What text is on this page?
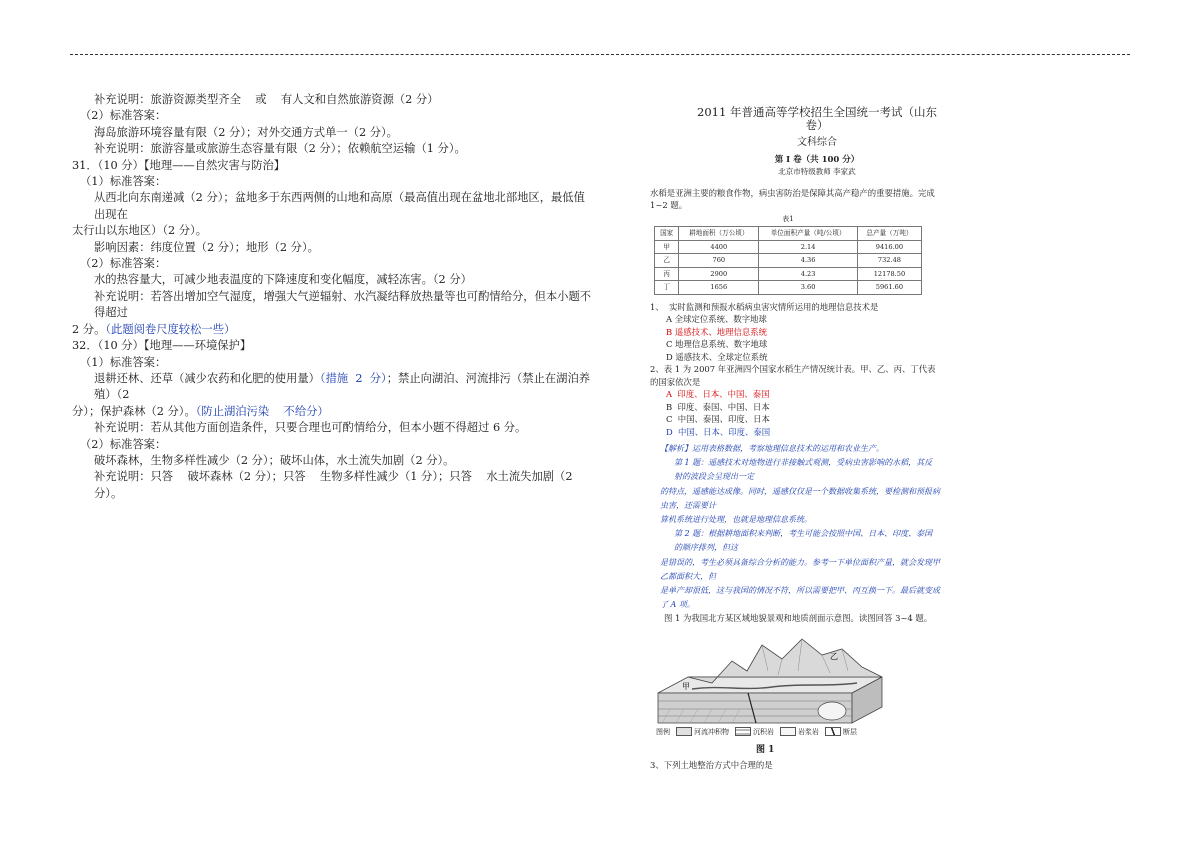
补充说明：旅游资源类型齐全    或    有人文和自然旅游资源（2 分）
（2）标准答案：
海岛旅游环境容量有限（2 分）；对外交通方式单一（2 分）。
补充说明：旅游容量或旅游生态容量有限（2 分）；依赖航空运输（1 分）。
31．（10 分）【地理——自然灾害与防治】
（1）标准答案：
从西北向东南递减（2 分）；盆地多于东西两侧的山地和高原（最高值出现在盆地北部地区，最低值出现在
太行山以东地区）（2 分）。
影响因素：纬度位置（2 分）；地形（2 分）。
（2）标准答案：
水的热容量大，可减少地表温度的下降速度和变化幅度，减轻冻害。（2 分）
补充说明：若答出增加空气湿度，增强大气逆辐射、水汽凝结释放热量等也可酌情给分，但本小题不得超过
2 分。（此题阅卷尺度较松一些）
32．（10 分）【地理——环境保护】
（1）标准答案：
退耕还林、还草（减少农药和化肥的使用量）（措施  2  分）；禁止向湖泊、河流排污（禁止在湖泊养殖）（2
分）；保护森林（2 分）。（防止湖泊污染    不给分）
补充说明：若从其他方面创造条件，只要合理也可酌情给分，但本小题不得超过 6 分。
（2）标准答案：
破坏森林，生物多样性减少（2 分）；破坏山体，水土流失加剧（2 分）。
补充说明：只答    破坏森林（2 分）；只答    生物多样性减少（1 分）；只答    水土流失加剧（2 分）。
2011 年普通高等学校招生全国统一考试（山东卷）
文科综合
第 I 卷（共 100 分）
北京市特级教师 李家武
水稻是亚洲主要的粮食作物，病虫害防治是保障其高产稳产的重要措施。完成 1~2 题。
表1
国家	耕地面积（万公顷）	单位面积产量（吨/公顷）	总产量（万吨）
甲	4400	2.14	9416.00
乙	760	4.36	732.48
丙	2900	4.23	12178.50
丁	1656	3.60	5961.60
1、  实时监测和预报水稻病虫害灾情所运用的地理信息技术是
A 全球定位系统、数字地球
B 遥感技术、地理信息系统
C 地理信息系统、数字地球
D 遥感技术、全球定位系统
2、表 1 为 2007 年亚洲四个国家水稻生产情况统计表。甲、乙、丙、丁代表的国家依次是
A  印度、日本、中国、泰国
B  印度、泰国、中国、日本
C  中国、泰国、印度、日本
D  中国、日本、印度、泰国
【解析】运用表格数据，考察地理信息技术的运用和农业生产。
第 1 题：遥感技术对地物进行非接触式观测，受病虫害影响的水稻，其反射的波段会呈现出一定
的特点，遥感能达成像。同时，遥感仅仅是一个数据收集系统，要检测和预报病虫害，还需要计
算机系统进行处理，也就是地理信息系统。
第 2 题：根据耕地面积来判断，考生可能会按照中国、日本、印度、泰国的顺序排列，但这
是错误的，考生必须具备综合分析的能力。参考一下单位面积产量，就会发现甲乙都面积大，但
是单产却很低，这与我国的情况不符，所以需要把甲、丙互换一下。最后就变成了 A 项。
图 1 为我国北方某区域地貌景观和地质剖面示意图。读图回答 3~4 题。
甲
乙
图例	河流冲积物	沉积岩	岩浆岩	断层
图 1
3、下列土地整治方式中合理的是
